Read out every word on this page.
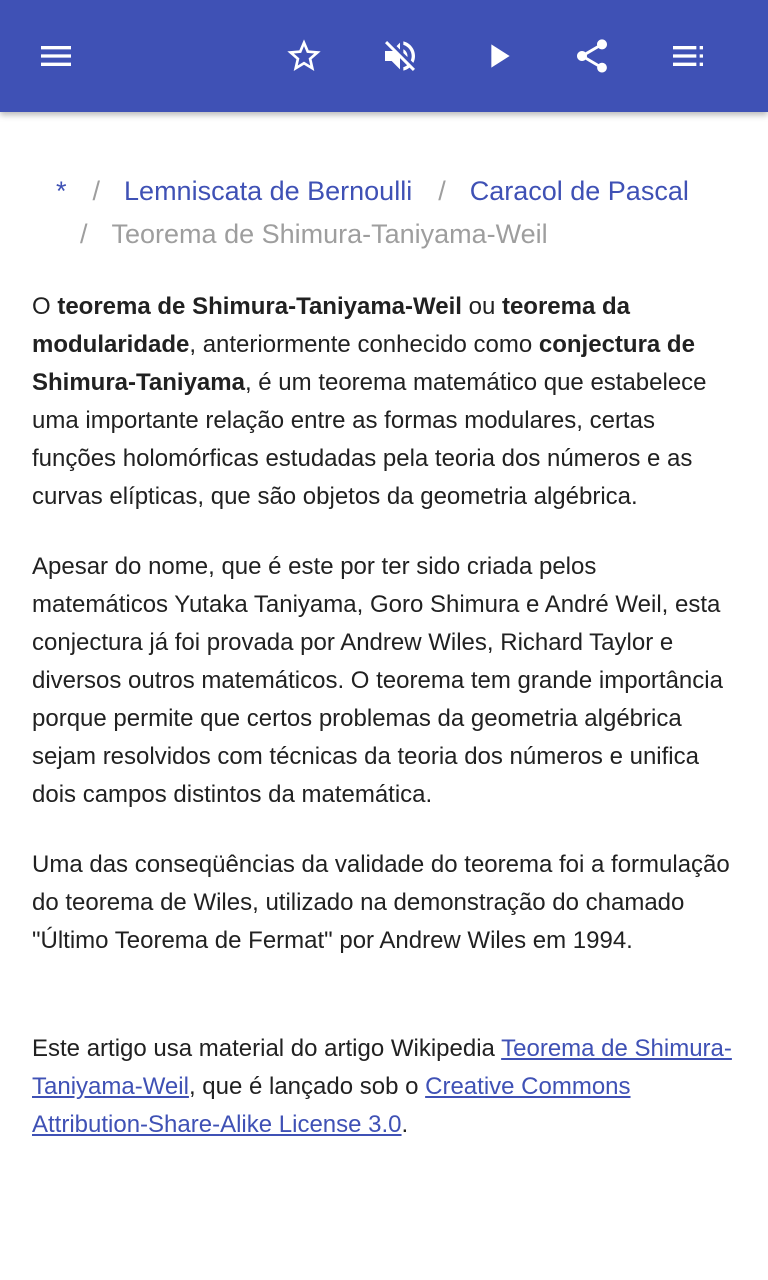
* / Lemniscata de Bernoulli / Caracol de Pascal
/ Teorema de Shimura-Taniyama-Weil

O teorema de Shimura-Taniyama-Weil ou teorema da modularidade, anteriormente conhecido como conjectura de Shimura-Taniyama, é um teorema matemático que estabelece uma importante relação entre as formas modulares, certas funções holomórficas estudadas pela teoria dos números e as curvas elípticas, que são objetos da geometria algébrica.

Apesar do nome, que é este por ter sido criada pelos matemáticos Yutaka Taniyama, Goro Shimura e André Weil, esta conjectura já foi provada por Andrew Wiles, Richard Taylor e diversos outros matemáticos. O teorema tem grande importância porque permite que certos problemas da geometria algébrica sejam resolvidos com técnicas da teoria dos números e unifica dois campos distintos da matemática.

Uma das conseqüências da validade do teorema foi a formulação do teorema de Wiles, utilizado na demonstração do chamado "Último Teorema de Fermat" por Andrew Wiles em 1994.

Este artigo usa material do artigo Wikipedia Teorema de Shimura-Taniyama-Weil, que é lançado sob o Creative Commons Attribution-Share-Alike License 3.0.
